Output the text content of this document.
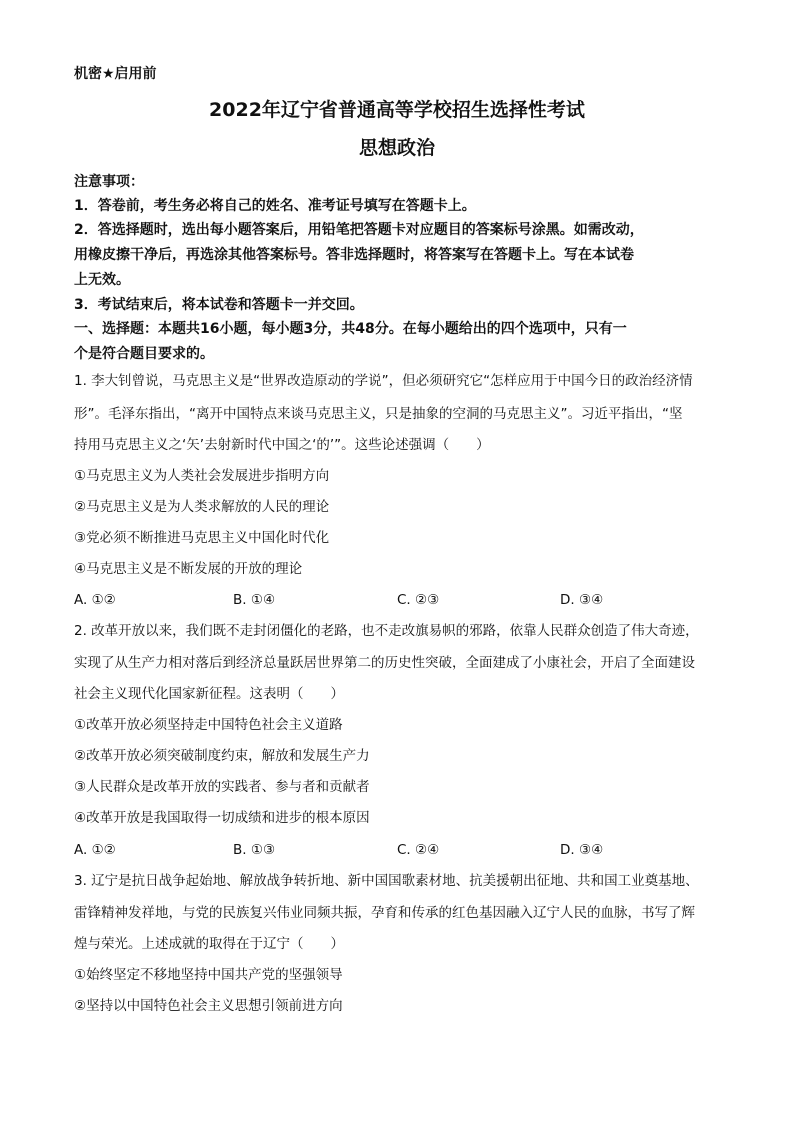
机密★启用前
2022年辽宁省普通高等学校招生选择性考试
思想政治
注意事项：
1．答卷前，考生务必将自己的姓名、准考证号填写在答题卡上。
2．答选择题时，选出每小题答案后，用铅笔把答题卡对应题目的答案标号涂黑。如需改动，
用橡皮擦干净后，再选涂其他答案标号。答非选择题时，将答案写在答题卡上。写在本试卷
上无效。
3．考试结束后，将本试卷和答题卡一并交回。
一、选择题：本题共16小题，每小题3分，共48分。在每小题给出的四个选项中，只有一
个是符合题目要求的。
1. 李大钊曾说，马克思主义是“世界改造原动的学说”，但必须研究它“怎样应用于中国今日的政治经济情
形”。毛泽东指出，“离开中国特点来谈马克思主义，只是抽象的空洞的马克思主义”。习近平指出，“坚
持用马克思主义之‘矢’去射新时代中国之‘的’”。这些论述强调（　　）
①马克思主义为人类社会发展进步指明方向
②马克思主义是为人类求解放的人民的理论
③党必须不断推进马克思主义中国化时代化
④马克思主义是不断发展的开放的理论
A. ①②	B. ①④	C. ②③	D. ③④
2. 改革开放以来，我们既不走封闭僵化的老路，也不走改旗易帜的邪路，依靠人民群众创造了伟大奇迹，
实现了从生产力相对落后到经济总量跃居世界第二的历史性突破，全面建成了小康社会，开启了全面建设
社会主义现代化国家新征程。这表明（　　）
①改革开放必须坚持走中国特色社会主义道路
②改革开放必须突破制度约束，解放和发展生产力
③人民群众是改革开放的实践者、参与者和贡献者
④改革开放是我国取得一切成绩和进步的根本原因
A. ①②	B. ①③	C. ②④	D. ③④
3. 辽宁是抗日战争起始地、解放战争转折地、新中国国歌素材地、抗美援朝出征地、共和国工业奠基地、
雷锋精神发祥地，与党的民族复兴伟业同频共振，孕育和传承的红色基因融入辽宁人民的血脉，书写了辉
煌与荣光。上述成就的取得在于辽宁（　　）
①始终坚定不移地坚持中国共产党的坚强领导
②坚持以中国特色社会主义思想引领前进方向
